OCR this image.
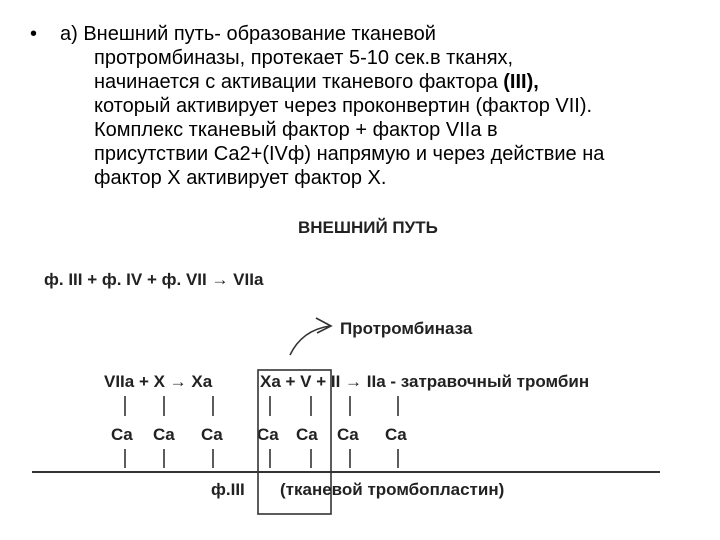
• а) Внешний путь- образование тканевой
протромбиназы, протекает 5-10 сек.в тканях,
начинается с активации тканевого фактора (III),
который активирует через проконвертин (фактор VII).
Комплекс тканевый фактор + фактор VIIа в
присутствии Са2+(IVф) напрямую и через действие на
фактор X активирует фактор X.
ВНЕШНИЙ ПУТЬ
ф. III + ф. IV + ф. VII → VIIa
Протромбиназа
VIIa + X → Xa	Xa + V + II → IIa - затравочный тромбин
Ca Ca Ca Ca Ca Ca Ca
ф.III (тканевой тромбопластин)
